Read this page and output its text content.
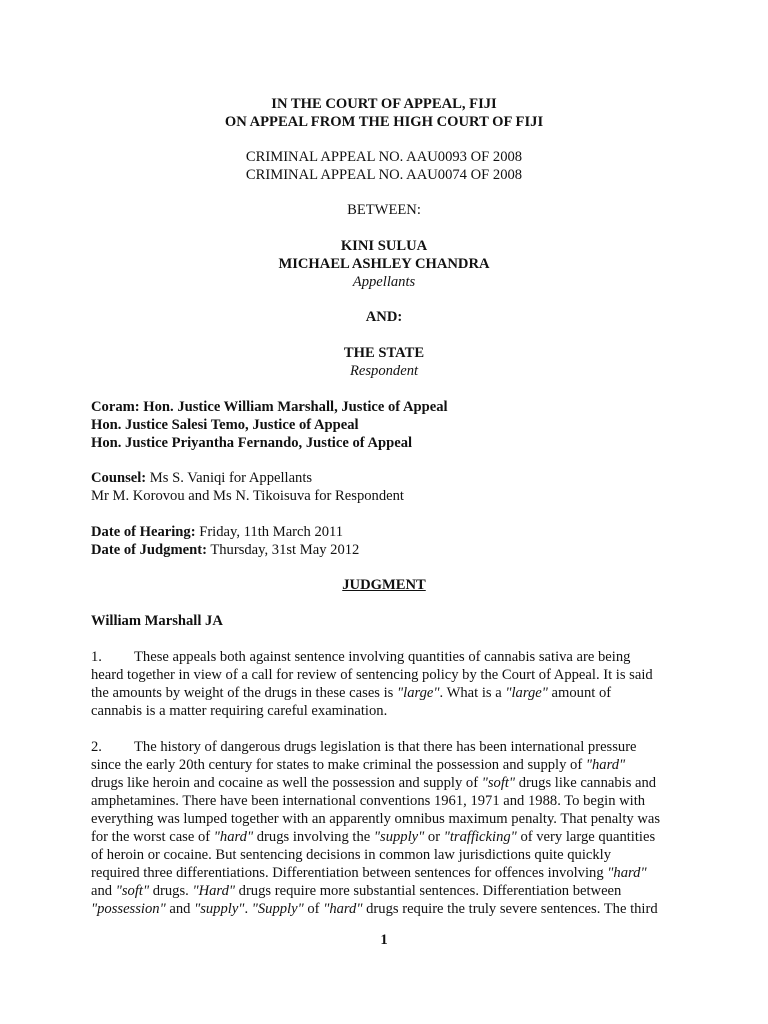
IN THE COURT OF APPEAL, FIJI
ON APPEAL FROM THE HIGH COURT OF FIJI
CRIMINAL APPEAL NO. AAU0093 OF 2008
CRIMINAL APPEAL NO. AAU0074 OF 2008
BETWEEN:
KINI SULUA
MICHAEL ASHLEY CHANDRA
Appellants
AND:
THE STATE
Respondent
Coram: Hon. Justice William Marshall, Justice of Appeal
Hon. Justice Salesi Temo, Justice of Appeal
Hon. Justice Priyantha Fernando, Justice of Appeal
Counsel: Ms S. Vaniqi for Appellants
Mr M. Korovou and Ms N. Tikoisuva for Respondent
Date of Hearing: Friday, 11th March 2011
Date of Judgment: Thursday, 31st May 2012
JUDGMENT
William Marshall JA
1. These appeals both against sentence involving quantities of cannabis sativa are being
heard together in view of a call for review of sentencing policy by the Court of Appeal. It is said
the amounts by weight of the drugs in these cases is "large". What is a "large" amount of
cannabis is a matter requiring careful examination.
2. The history of dangerous drugs legislation is that there has been international pressure
since the early 20th century for states to make criminal the possession and supply of "hard"
drugs like heroin and cocaine as well the possession and supply of "soft" drugs like cannabis and
amphetamines. There have been international conventions 1961, 1971 and 1988. To begin with
everything was lumped together with an apparently omnibus maximum penalty. That penalty was
for the worst case of "hard" drugs involving the "supply" or "trafficking" of very large quantities
of heroin or cocaine. But sentencing decisions in common law jurisdictions quite quickly
required three differentiations. Differentiation between sentences for offences involving "hard"
and "soft" drugs. "Hard" drugs require more substantial sentences. Differentiation between
"possession" and "supply". "Supply" of "hard" drugs require the truly severe sentences. The third
1
